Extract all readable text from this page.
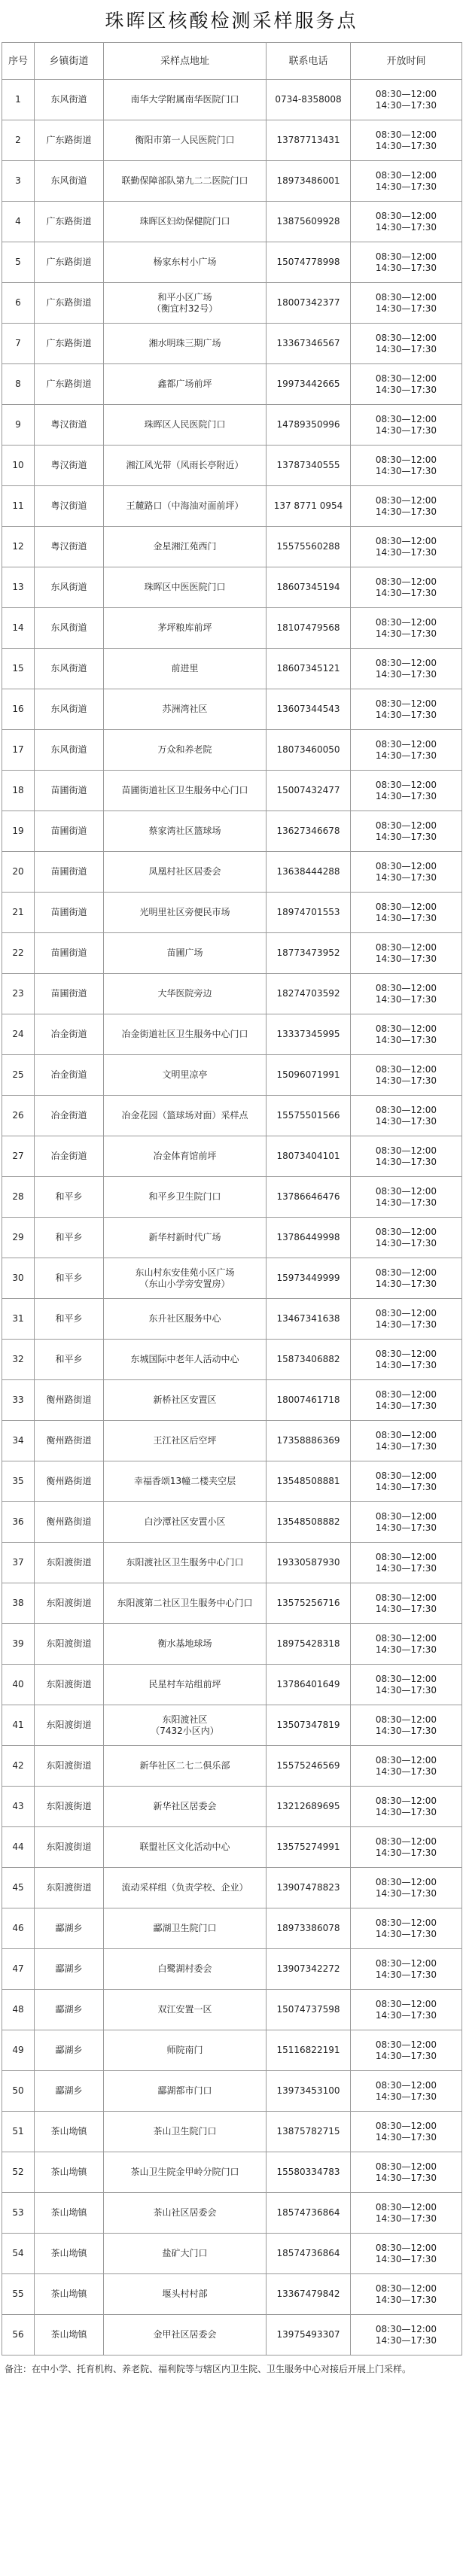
珠晖区核酸检测采样服务点
序号	乡镇街道	采样点地址	联系电话	开放时间
1	东风街道	南华大学附属南华医院门口	0734-8358008	08:30—12:00
14:30—17:30

2	广东路街道	衡阳市第一人民医院门口	13787713431	08:30—12:00
14:30—17:30

3	东风街道	联勤保障部队第九二二医院门口	18973486001	08:30—12:00
14:30—17:30

4	广东路街道	珠晖区妇幼保健院门口	13875609928	08:30—12:00
14:30—17:30

5	广东路街道	杨家东村小广场	15074778998	08:30—12:00
14:30—17:30

6	广东路街道	和平小区广场
（衡宜村32号）	18007342377	08:30—12:00
14:30—17:30

7	广东路街道	湘水明珠三期广场	13367346567	08:30—12:00
14:30—17:30

8	广东路街道	鑫都广场前坪	19973442665	08:30—12:00
14:30—17:30

9	粤汉街道	珠晖区人民医院门口	14789350996	08:30—12:00
14:30—17:30

10	粤汉街道	湘江风光带（风雨长亭附近）	13787340555	08:30—12:00
14:30—17:30

11	粤汉街道	王麓路口（中海油对面前坪）	137 8771 0954	08:30—12:00
14:30—17:30

12	粤汉街道	金星湘江苑西门	15575560288	08:30—12:00
14:30—17:30

13	东风街道	珠晖区中医医院门口	18607345194	08:30—12:00
14:30—17:30

14	东风街道	茅坪粮库前坪	18107479568	08:30—12:00
14:30—17:30

15	东风街道	前进里	18607345121	08:30—12:00
14:30—17:30

16	东风街道	苏洲湾社区	13607344543	08:30—12:00
14:30—17:30

17	东风街道	万众和养老院	18073460050	08:30—12:00
14:30—17:30

18	苗圃街道	苗圃街道社区卫生服务中心门口	15007432477	08:30—12:00
14:30—17:30

19	苗圃街道	蔡家湾社区篮球场	13627346678	08:30—12:00
14:30—17:30

20	苗圃街道	凤凰村社区居委会	13638444288	08:30—12:00
14:30—17:30

21	苗圃街道	光明里社区旁便民市场	18974701553	08:30—12:00
14:30—17:30

22	苗圃街道	苗圃广场	18773473952	08:30—12:00
14:30—17:30

23	苗圃街道	大华医院旁边	18274703592	08:30—12:00
14:30—17:30

24	冶金街道	冶金街道社区卫生服务中心门口	13337345995	08:30—12:00
14:30—17:30

25	冶金街道	文明里凉亭	15096071991	08:30—12:00
14:30—17:30

26	冶金街道	冶金花园（篮球场对面）采样点	15575501566	08:30—12:00
14:30—17:30

27	冶金街道	冶金体育馆前坪	18073404101	08:30—12:00
14:30—17:30

28	和平乡	和平乡卫生院门口	13786646476	08:30—12:00
14:30—17:30

29	和平乡	新华村新时代广场	13786449998	08:30—12:00
14:30—17:30

30	和平乡	东山村东安佳苑小区广场
（东山小学旁安置房）	15973449999	08:30—12:00
14:30—17:30

31	和平乡	东升社区服务中心	13467341638	08:30—12:00
14:30—17:30

32	和平乡	东城国际中老年人活动中心	15873406882	08:30—12:00
14:30—17:30

33	衡州路街道	新桥社区安置区	18007461718	08:30—12:00
14:30—17:30

34	衡州路街道	王江社区后空坪	17358886369	08:30—12:00
14:30—17:30

35	衡州路街道	幸福香颂13幢二楼夹空层	13548508881	08:30—12:00
14:30—17:30

36	衡州路街道	白沙潭社区安置小区	13548508882	08:30—12:00
14:30—17:30

37	东阳渡街道	东阳渡社区卫生服务中心门口	19330587930	08:30—12:00
14:30—17:30

38	东阳渡街道	东阳渡第二社区卫生服务中心门口	13575256716	08:30—12:00
14:30—17:30

39	东阳渡街道	衡水基地球场	18975428318	08:30—12:00
14:30—17:30

40	东阳渡街道	民星村车站组前坪	13786401649	08:30—12:00
14:30—17:30

41	东阳渡街道	东阳渡社区
（7432小区内）	13507347819	08:30—12:00
14:30—17:30

42	东阳渡街道	新华社区二七二俱乐部	15575246569	08:30—12:00
14:30—17:30

43	东阳渡街道	新华社区居委会	13212689695	08:30—12:00
14:30—17:30

44	东阳渡街道	联盟社区文化活动中心	13575274991	08:30—12:00
14:30—17:30

45	东阳渡街道	流动采样组（负责学校、企业）	13907478823	08:30—12:00
14:30—17:30

46	酃湖乡	酃湖卫生院门口	18973386078	08:30—12:00
14:30—17:30

47	酃湖乡	白鹭湖村委会	13907342272	08:30—12:00
14:30—17:30

48	酃湖乡	双江安置一区	15074737598	08:30—12:00
14:30—17:30

49	酃湖乡	师院南门	15116822191	08:30—12:00
14:30—17:30

50	酃湖乡	酃湖都市门口	13973453100	08:30—12:00
14:30—17:30

51	茶山坳镇	茶山卫生院门口	13875782715	08:30—12:00
14:30—17:30

52	茶山坳镇	茶山卫生院金甲岭分院门口	15580334783	08:30—12:00
14:30—17:30

53	茶山坳镇	茶山社区居委会	18574736864	08:30—12:00
14:30—17:30

54	茶山坳镇	盐矿大门口	18574736864	08:30—12:00
14:30—17:30

55	茶山坳镇	堰头村村部	13367479842	08:30—12:00
14:30—17:30

56	茶山坳镇	金甲社区居委会	13975493307	08:30—12:00
14:30—17:30
备注：在中小学、托育机构、养老院、福利院等与辖区内卫生院、卫生服务中心对接后开展上门采样。
